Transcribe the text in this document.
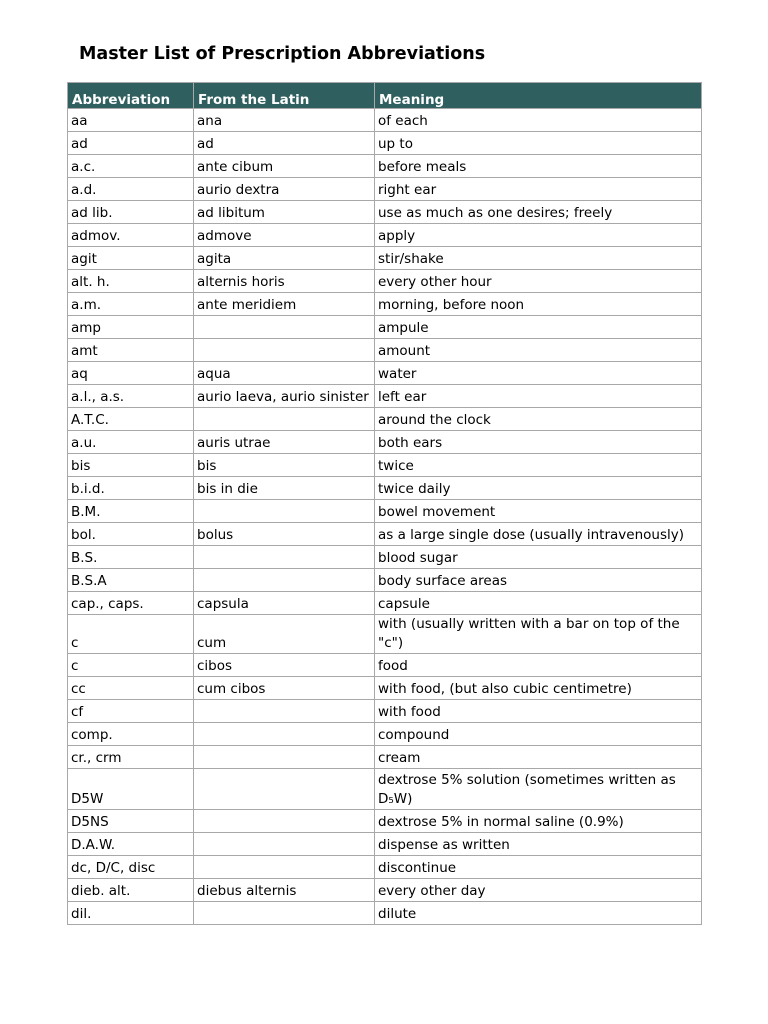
Master List of Prescription Abbreviations
Abbreviation	From the Latin	Meaning
aa	ana	of each
ad	ad	up to
a.c.	ante cibum	before meals
a.d.	aurio dextra	right ear
ad lib.	ad libitum	use as much as one desires; freely
admov.	admove	apply
agit	agita	stir/shake
alt. h.	alternis horis	every other hour
a.m.	ante meridiem	morning, before noon
amp		ampule
amt		amount
aq	aqua	water
a.l., a.s.	aurio laeva, aurio sinister	left ear
A.T.C.		around the clock
a.u.	auris utrae	both ears
bis	bis	twice
b.i.d.	bis in die	twice daily
B.M.		bowel movement
bol.	bolus	as a large single dose (usually intravenously)
B.S.		blood sugar
B.S.A		body surface areas
cap., caps.	capsula	capsule
c	cum	with (usually written with a bar on top of the "c")
c	cibos	food
cc	cum cibos	with food, (but also cubic centimetre)
cf		with food
comp.		compound
cr., crm		cream
D5W		dextrose 5% solution (sometimes written as D₅W)
D5NS		dextrose 5% in normal saline (0.9%)
D.A.W.		dispense as written
dc, D/C, disc		discontinue
dieb. alt.	diebus alternis	every other day
dil.		dilute
